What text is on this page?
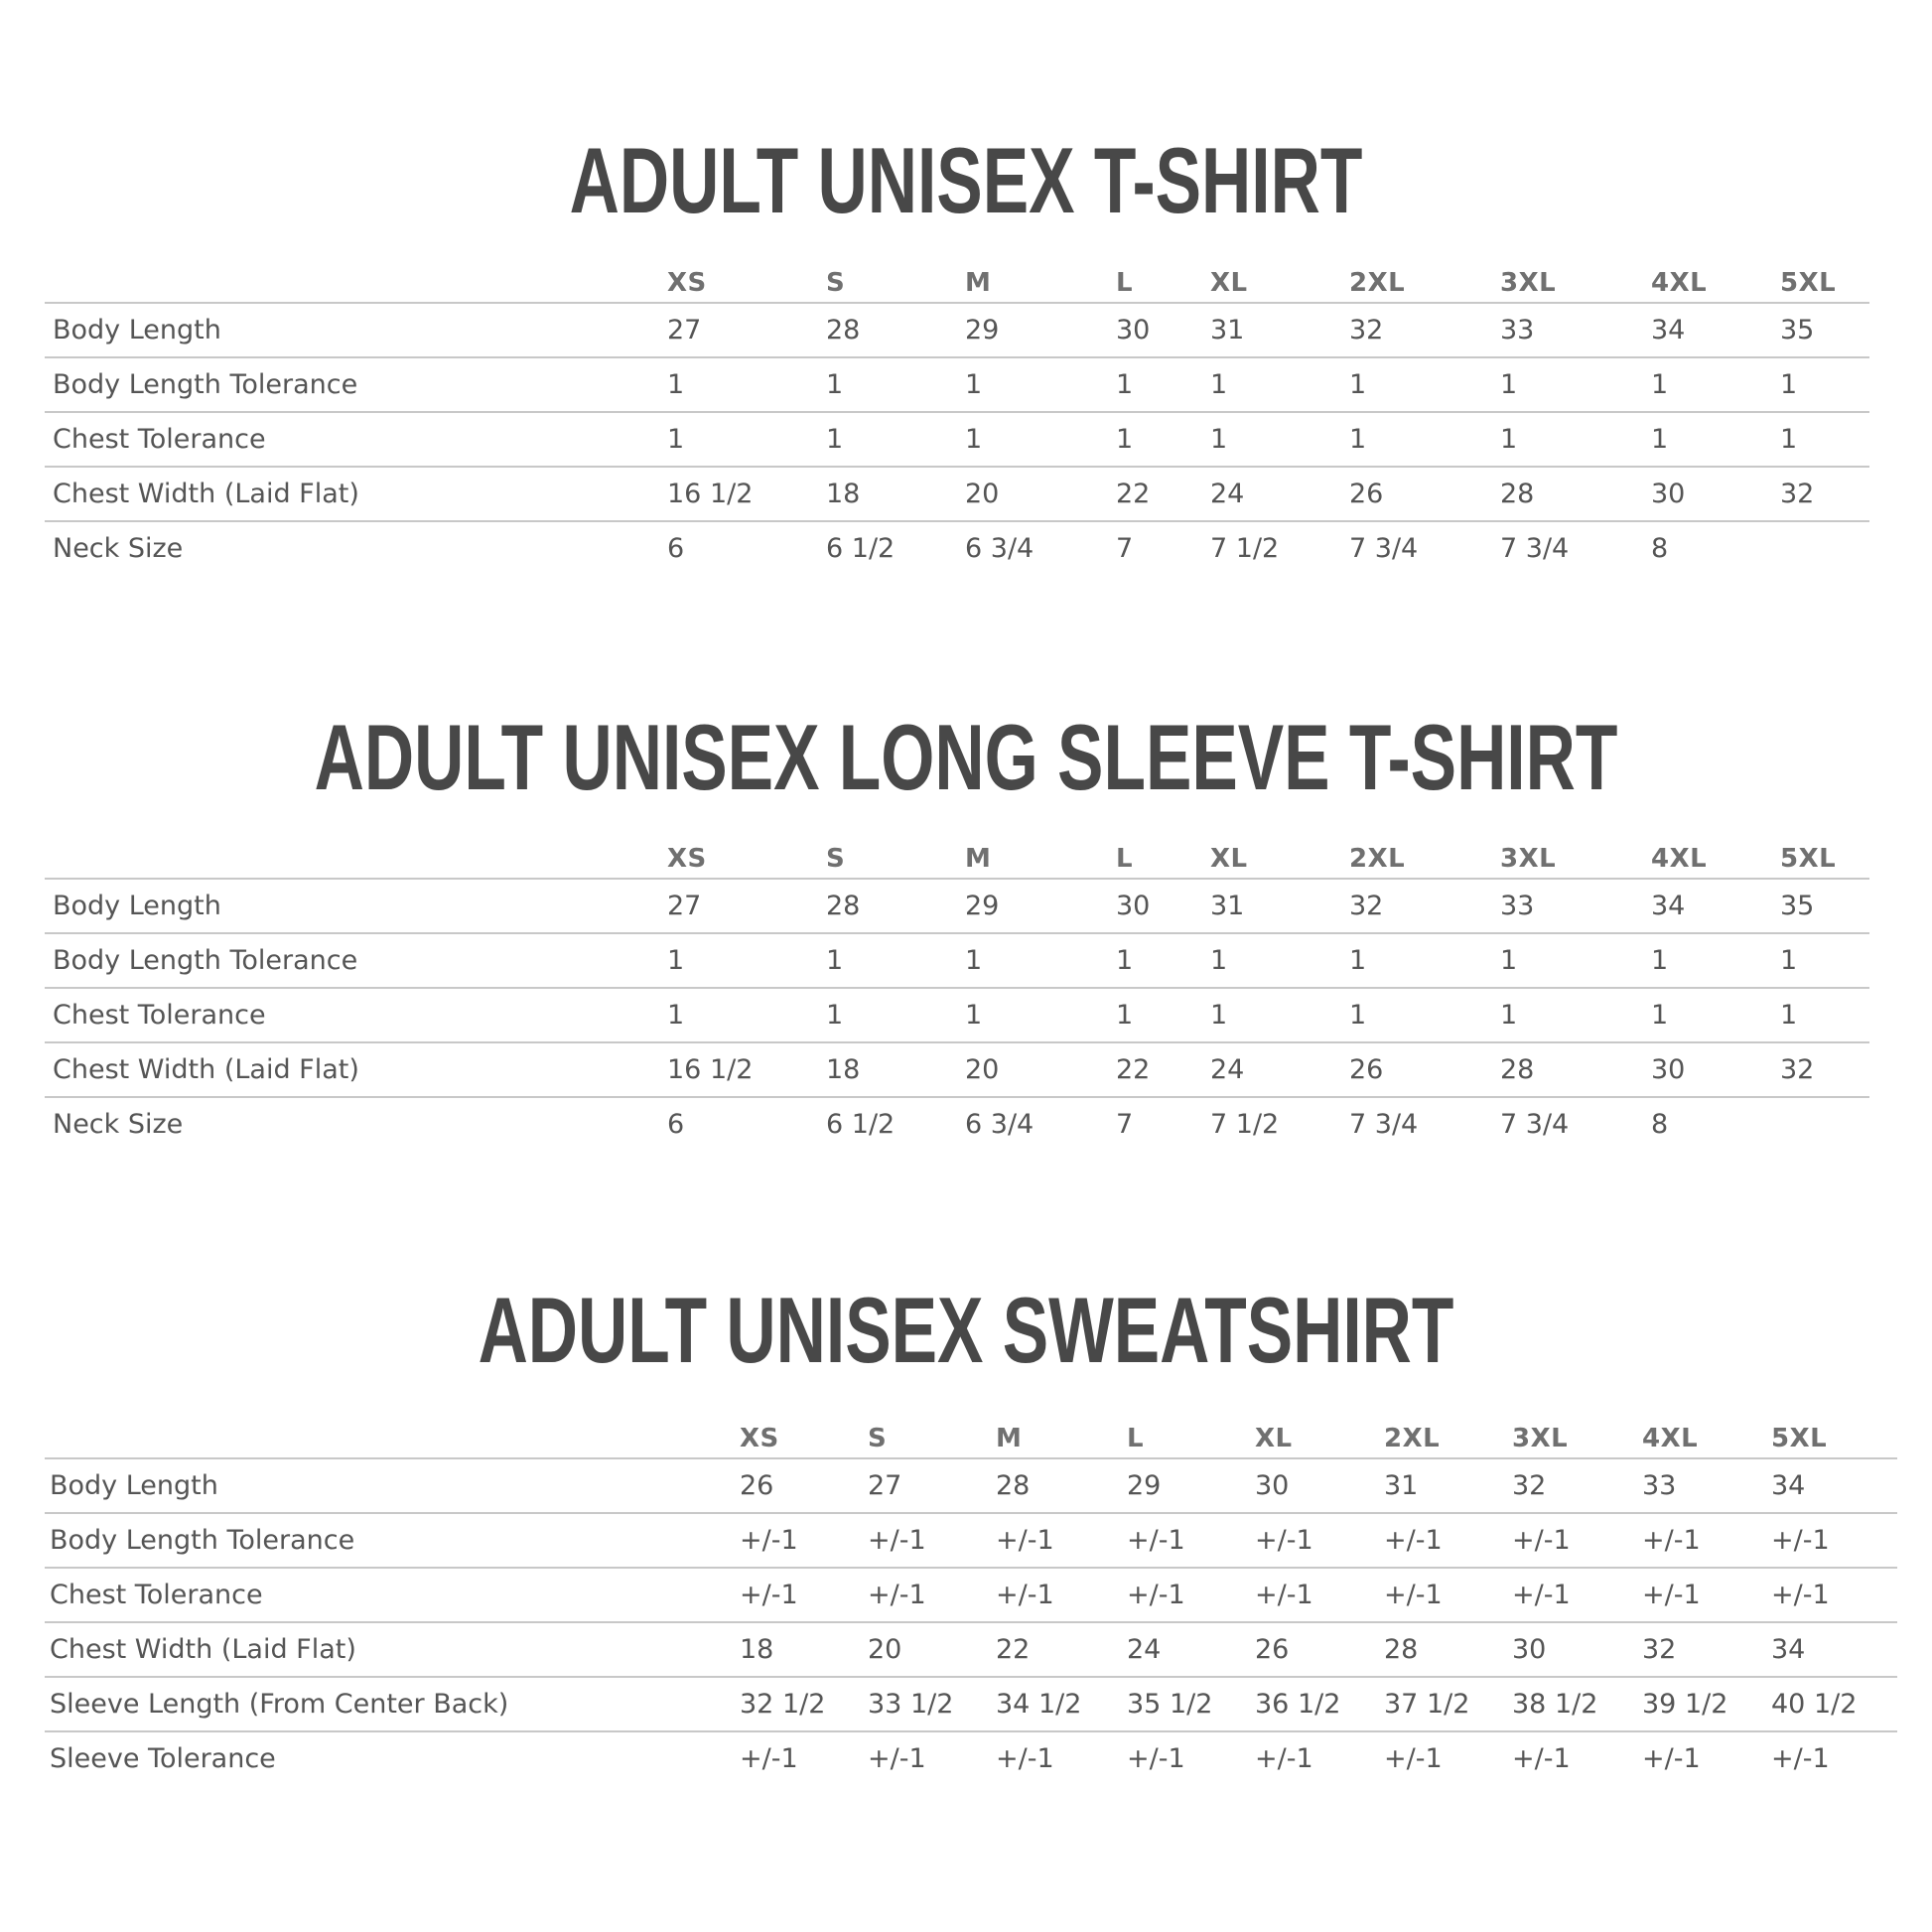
ADULT UNISEX T-SHIRT
	XS	S	M	L	XL	2XL	3XL	4XL	5XL
Body Length	27	28	29	30	31	32	33	34	35
Body Length Tolerance	1	1	1	1	1	1	1	1	1
Chest Tolerance	1	1	1	1	1	1	1	1	1
Chest Width (Laid Flat)	16 1/2	18	20	22	24	26	28	30	32
Neck Size	6	6 1/2	6 3/4	7	7 1/2	7 3/4	7 3/4	8	
ADULT UNISEX LONG SLEEVE T-SHIRT
	XS	S	M	L	XL	2XL	3XL	4XL	5XL
Body Length	27	28	29	30	31	32	33	34	35
Body Length Tolerance	1	1	1	1	1	1	1	1	1
Chest Tolerance	1	1	1	1	1	1	1	1	1
Chest Width (Laid Flat)	16 1/2	18	20	22	24	26	28	30	32
Neck Size	6	6 1/2	6 3/4	7	7 1/2	7 3/4	7 3/4	8	
ADULT UNISEX SWEATSHIRT
	XS	S	M	L	XL	2XL	3XL	4XL	5XL
Body Length	26	27	28	29	30	31	32	33	34
Body Length Tolerance	+/-1	+/-1	+/-1	+/-1	+/-1	+/-1	+/-1	+/-1	+/-1
Chest Tolerance	+/-1	+/-1	+/-1	+/-1	+/-1	+/-1	+/-1	+/-1	+/-1
Chest Width (Laid Flat)	18	20	22	24	26	28	30	32	34
Sleeve Length (From Center Back)	32 1/2	33 1/2	34 1/2	35 1/2	36 1/2	37 1/2	38 1/2	39 1/2	40 1/2
Sleeve Tolerance	+/-1	+/-1	+/-1	+/-1	+/-1	+/-1	+/-1	+/-1	+/-1
